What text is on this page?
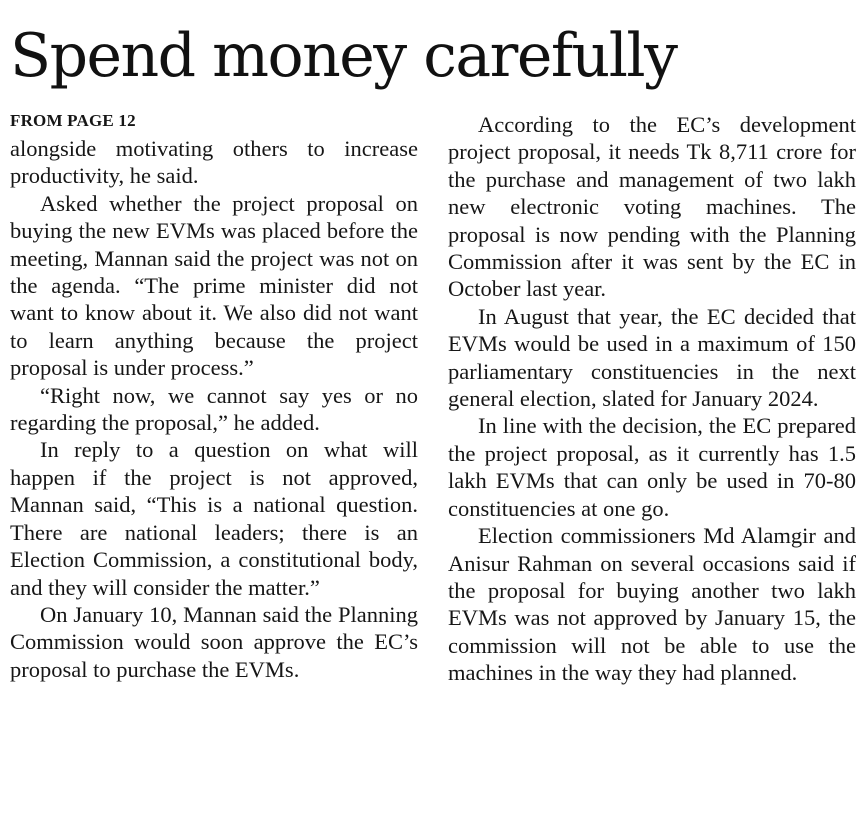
Spend money carefully
FROM PAGE 12

alongside motivating others to increase productivity, he said.

Asked whether the project proposal on buying the new EVMs was placed before the meeting, Mannan said the project was not on the agenda. “The prime minister did not want to know about it. We also did not want to learn anything because the project proposal is under process.”

“Right now, we cannot say yes or no regarding the proposal,” he added.

In reply to a question on what will happen if the project is not approved, Mannan said, “This is a national question. There are national leaders; there is an Election Commission, a constitutional body, and they will consider the matter.”

On January 10, Mannan said the Planning Commission would soon approve the EC’s proposal to purchase the EVMs.

According to the EC’s development project proposal, it needs Tk 8,711 crore for the purchase and management of two lakh new electronic voting machines. The proposal is now pending with the Planning Commission after it was sent by the EC in October last year.

In August that year, the EC decided that EVMs would be used in a maximum of 150 parliamentary constituencies in the next general election, slated for January 2024.

In line with the decision, the EC prepared the project proposal, as it currently has 1.5 lakh EVMs that can only be used in 70-80 constituencies at one go.

Election commissioners Md Alamgir and Anisur Rahman on several occasions said if the proposal for buying another two lakh EVMs was not approved by January 15, the commission will not be able to use the machines in the way they had planned.
